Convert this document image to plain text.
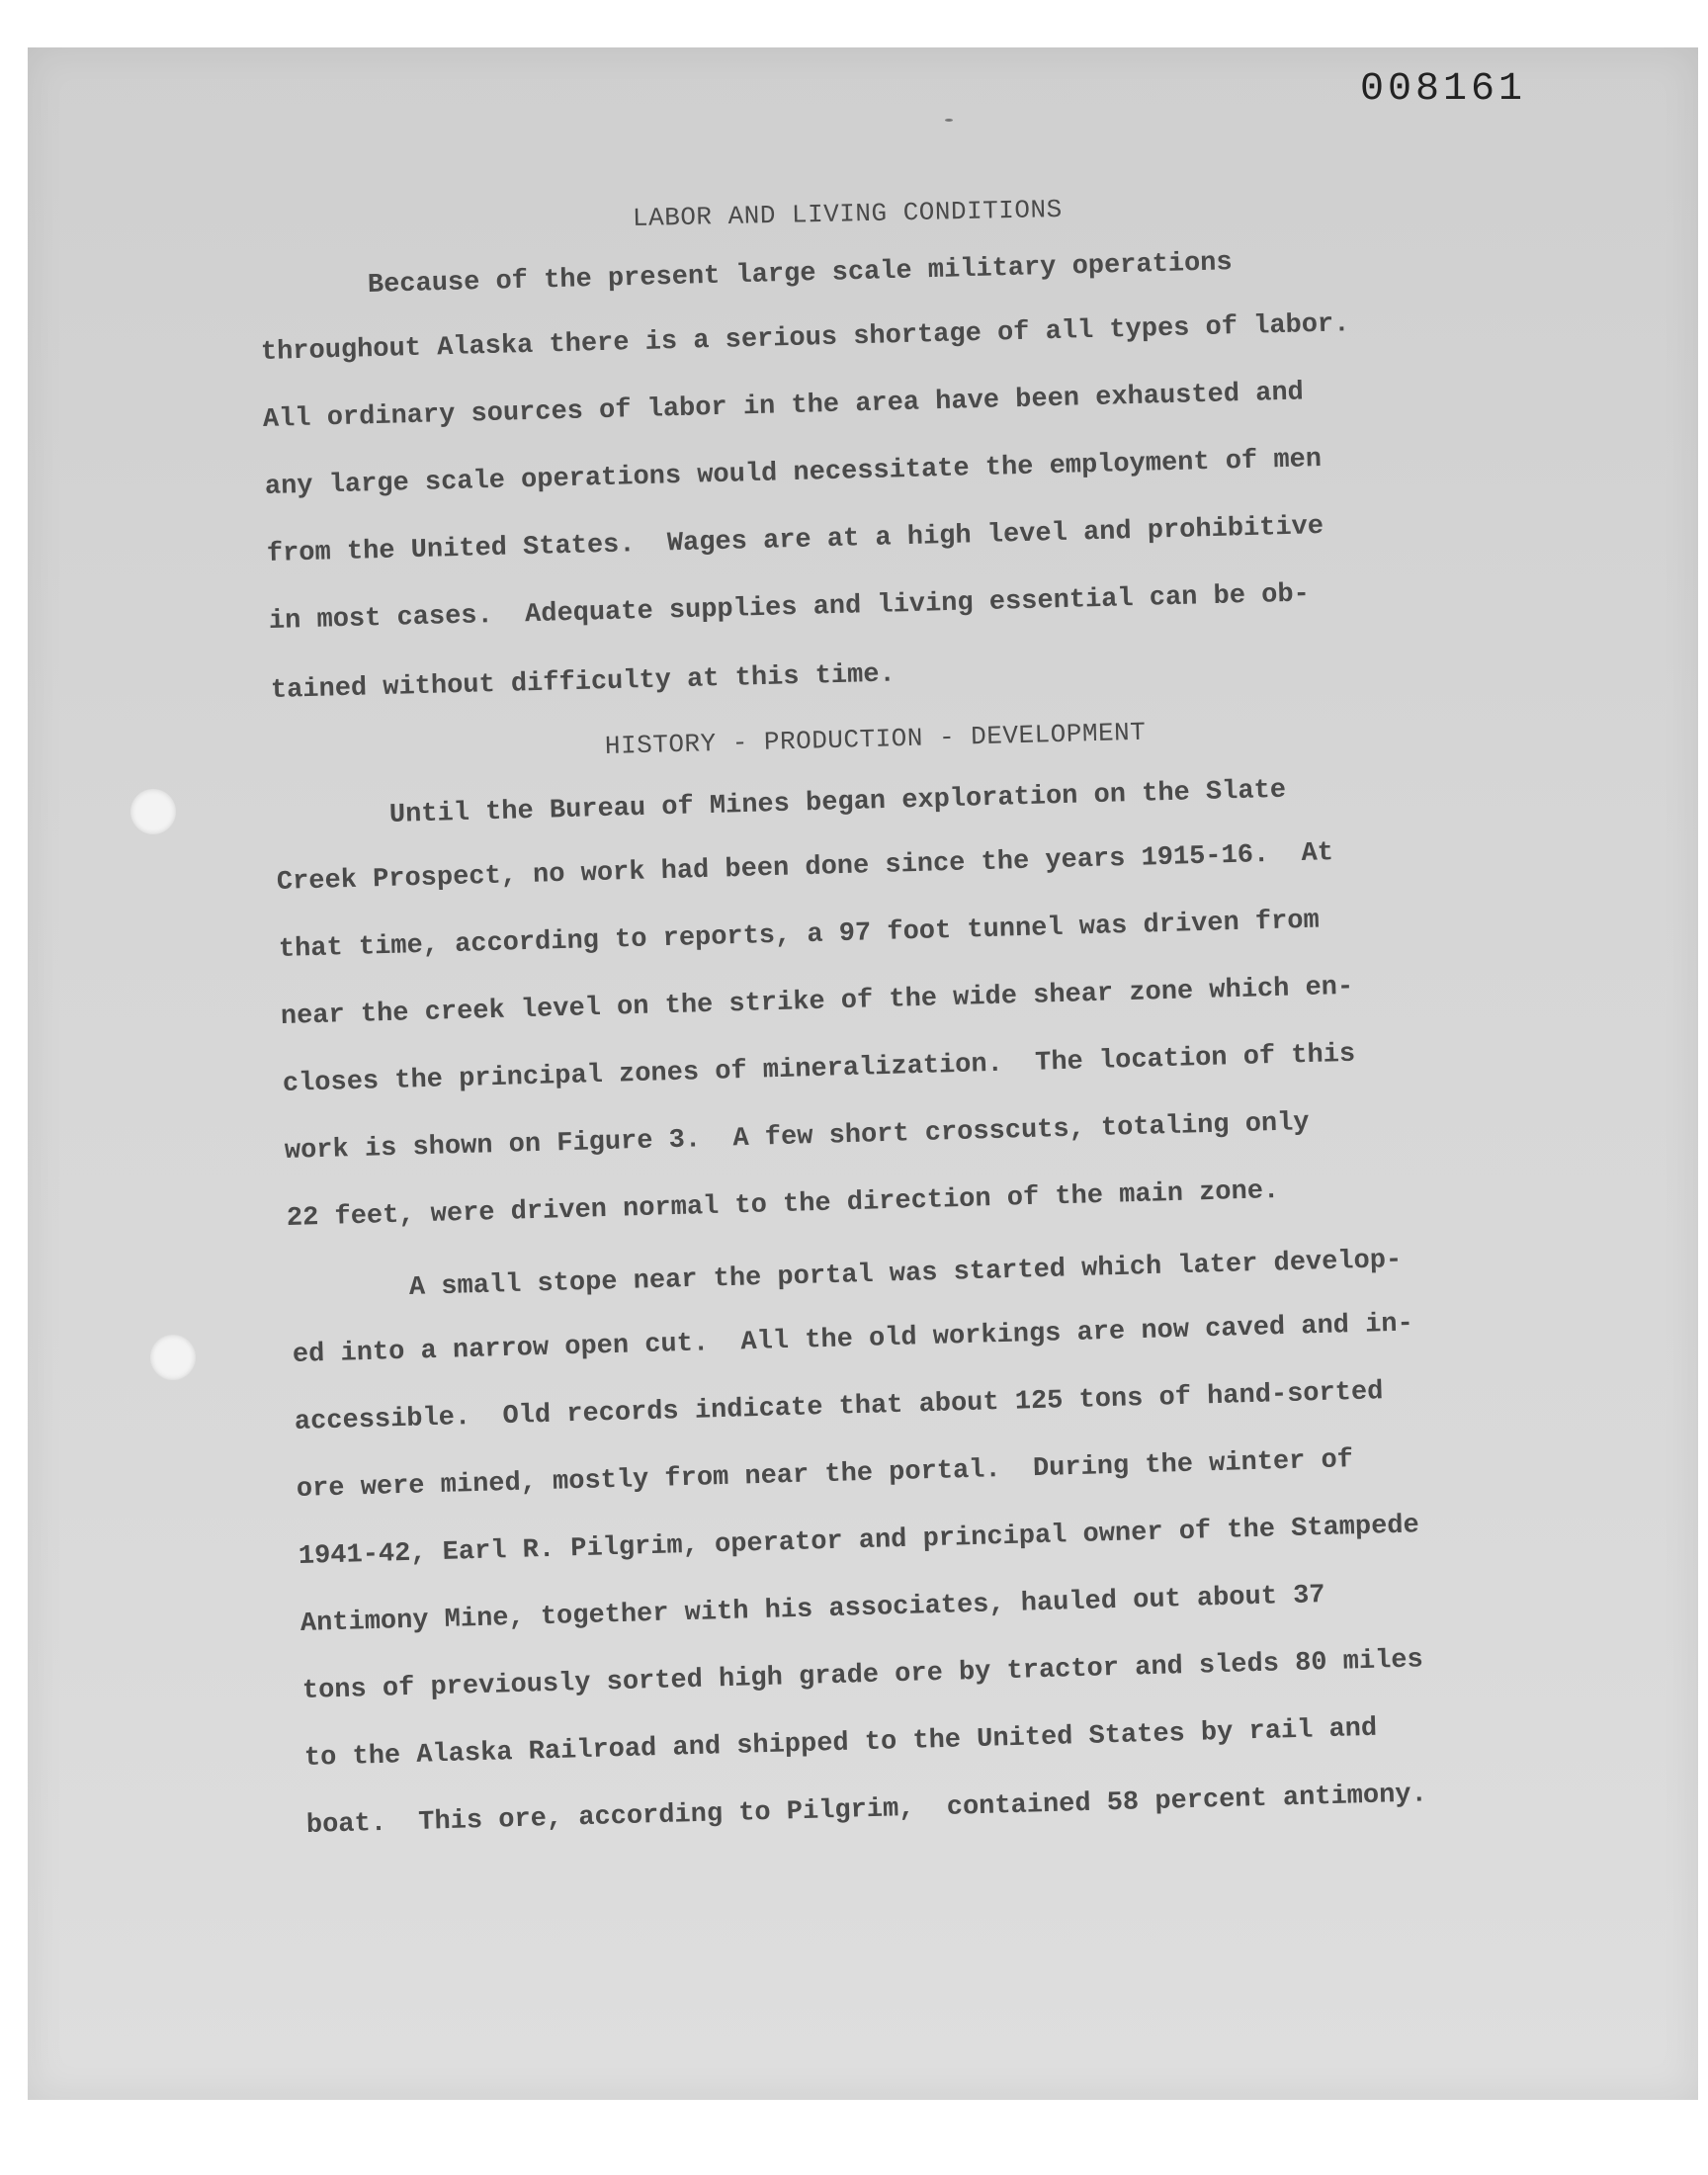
008161
LABOR AND LIVING CONDITIONS
Because of the present large scale military operations
throughout Alaska there is a serious shortage of all types of labor.
All ordinary sources of labor in the area have been exhausted and
any large scale operations would necessitate the employment of men
from the United States.  Wages are at a high level and prohibitive
in most cases.  Adequate supplies and living essential can be ob-
tained without difficulty at this time.
HISTORY - PRODUCTION - DEVELOPMENT
Until the Bureau of Mines began exploration on the Slate
Creek Prospect, no work had been done since the years 1915-16.  At
that time, according to reports, a 97 foot tunnel was driven from
near the creek level on the strike of the wide shear zone which en-
closes the principal zones of mineralization.  The location of this
work is shown on Figure 3.  A few short crosscuts, totaling only
22 feet, were driven normal to the direction of the main zone.
A small stope near the portal was started which later develop-
ed into a narrow open cut.  All the old workings are now caved and in-
accessible.  Old records indicate that about 125 tons of hand-sorted
ore were mined, mostly from near the portal.  During the winter of
1941-42, Earl R. Pilgrim, operator and principal owner of the Stampede
Antimony Mine, together with his associates, hauled out about 37
tons of previously sorted high grade ore by tractor and sleds 80 miles
to the Alaska Railroad and shipped to the United States by rail and
boat.  This ore, according to Pilgrim,  contained 58 percent antimony.
